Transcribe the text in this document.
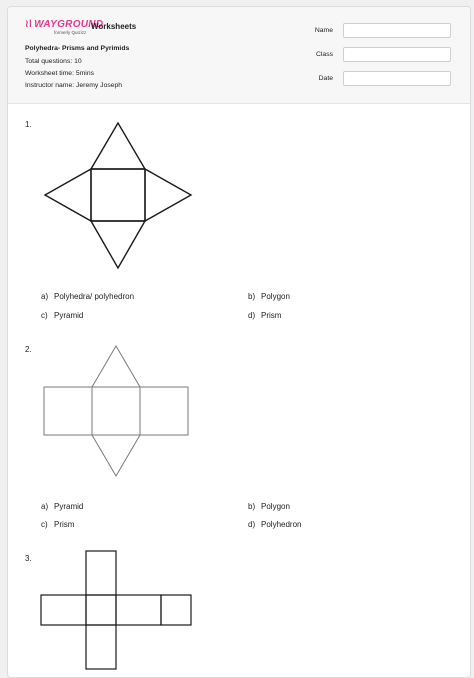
≀ǀ WAYGROUND
formerly Quizizz
Worksheets
Polyhedra- Prisms and Pyrimids
Total questions: 10
Worksheet time: 5mins
Instructor name: Jeremy Joseph
Name
Class
Date
1.
a) Polyhedra/ polyhedron	b) Polygon
c) Pyramid	d) Prism
2.
a) Pyramid	b) Polygon
c) Prism	d) Polyhedron
3.
